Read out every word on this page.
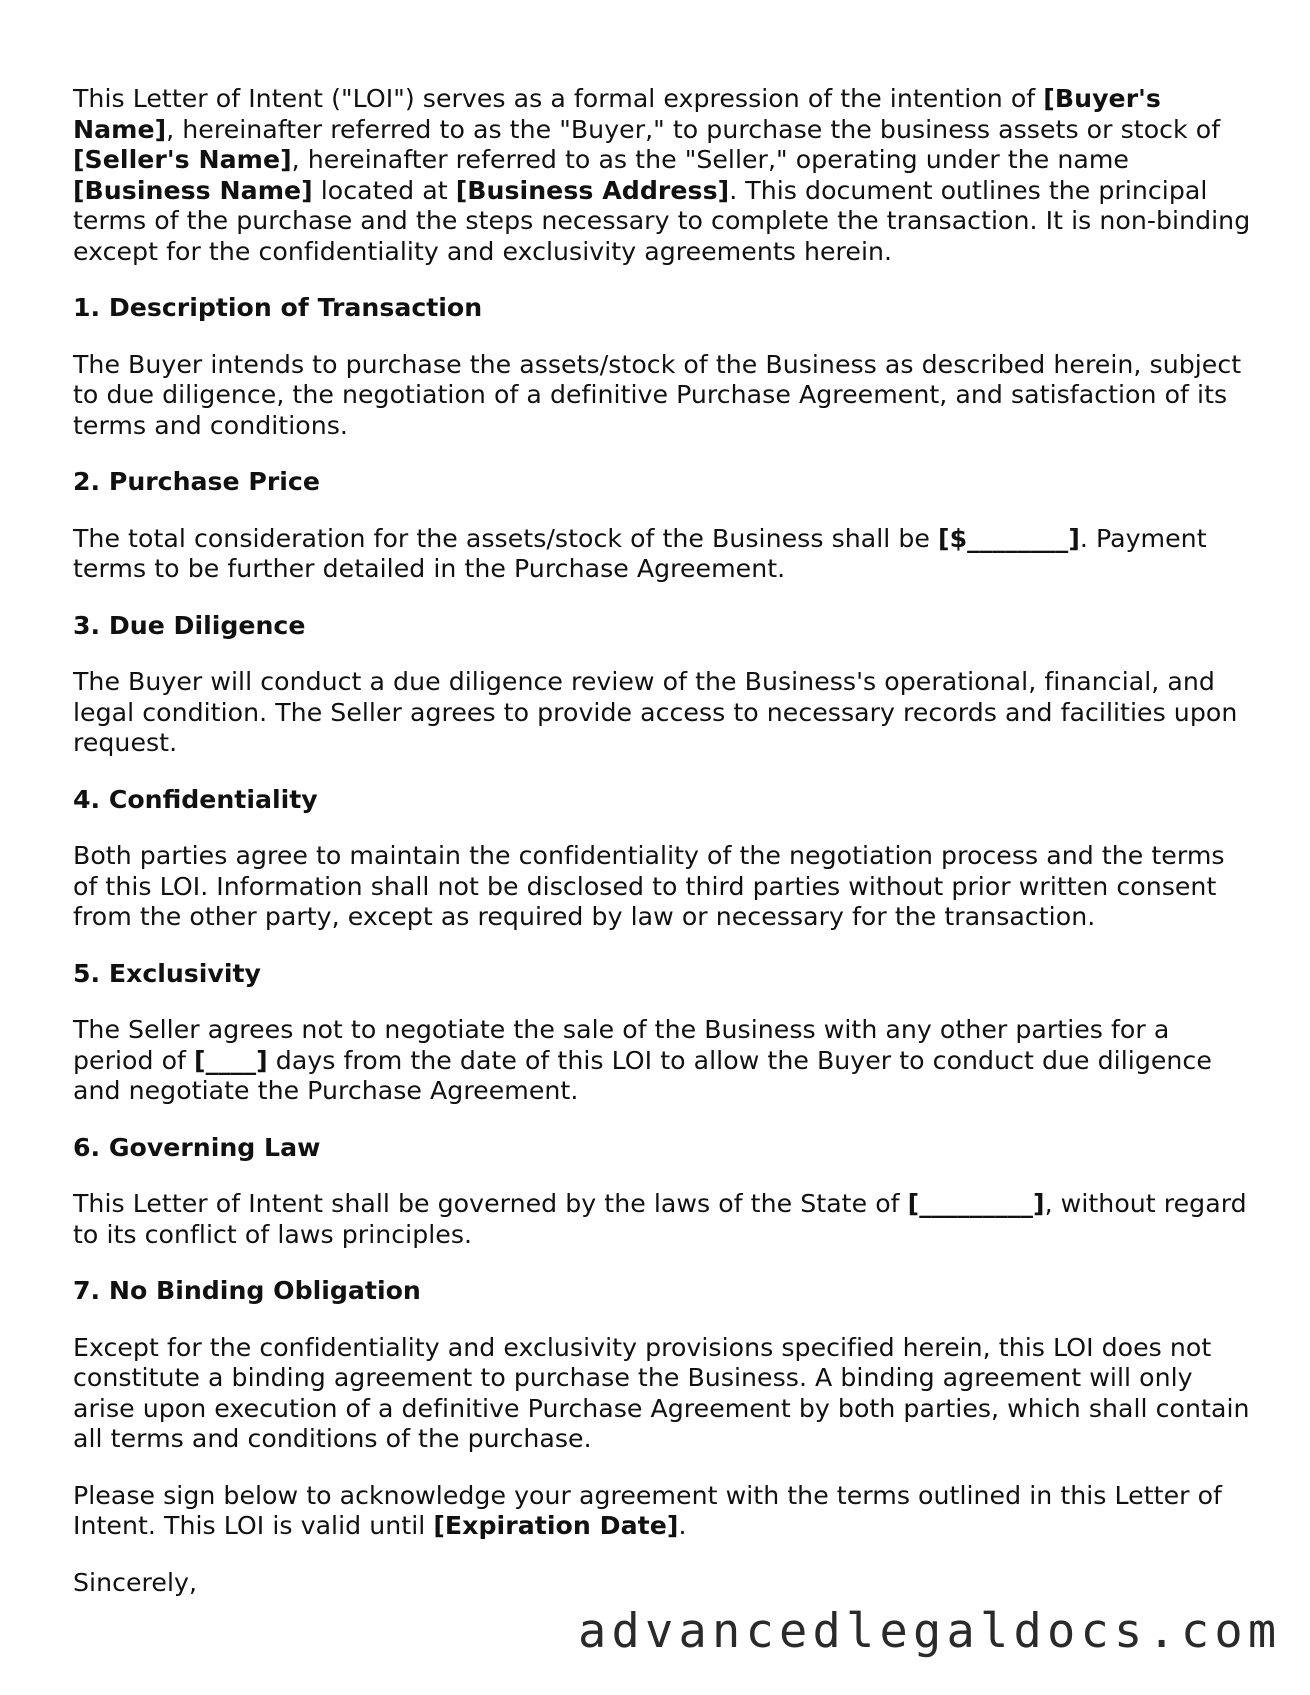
This Letter of Intent ("LOI") serves as a formal expression of the intention of [Buyer's Name], hereinafter referred to as the "Buyer," to purchase the business assets or stock of [Seller's Name], hereinafter referred to as the "Seller," operating under the name [Business Name] located at [Business Address]. This document outlines the principal terms of the purchase and the steps necessary to complete the transaction. It is non-binding except for the confidentiality and exclusivity agreements herein.

1. Description of Transaction

The Buyer intends to purchase the assets/stock of the Business as described herein, subject to due diligence, the negotiation of a definitive Purchase Agreement, and satisfaction of its terms and conditions.

2. Purchase Price

The total consideration for the assets/stock of the Business shall be [$________]. Payment terms to be further detailed in the Purchase Agreement.

3. Due Diligence

The Buyer will conduct a due diligence review of the Business's operational, financial, and legal condition. The Seller agrees to provide access to necessary records and facilities upon request.

4. Confidentiality

Both parties agree to maintain the confidentiality of the negotiation process and the terms of this LOI. Information shall not be disclosed to third parties without prior written consent from the other party, except as required by law or necessary for the transaction.

5. Exclusivity

The Seller agrees not to negotiate the sale of the Business with any other parties for a period of [____] days from the date of this LOI to allow the Buyer to conduct due diligence and negotiate the Purchase Agreement.

6. Governing Law

This Letter of Intent shall be governed by the laws of the State of [_________], without regard to its conflict of laws principles.

7. No Binding Obligation

Except for the confidentiality and exclusivity provisions specified herein, this LOI does not constitute a binding agreement to purchase the Business. A binding agreement will only arise upon execution of a definitive Purchase Agreement by both parties, which shall contain all terms and conditions of the purchase.

Please sign below to acknowledge your agreement with the terms outlined in this Letter of Intent. This LOI is valid until [Expiration Date].

Sincerely,

advancedlegaldocs.com
